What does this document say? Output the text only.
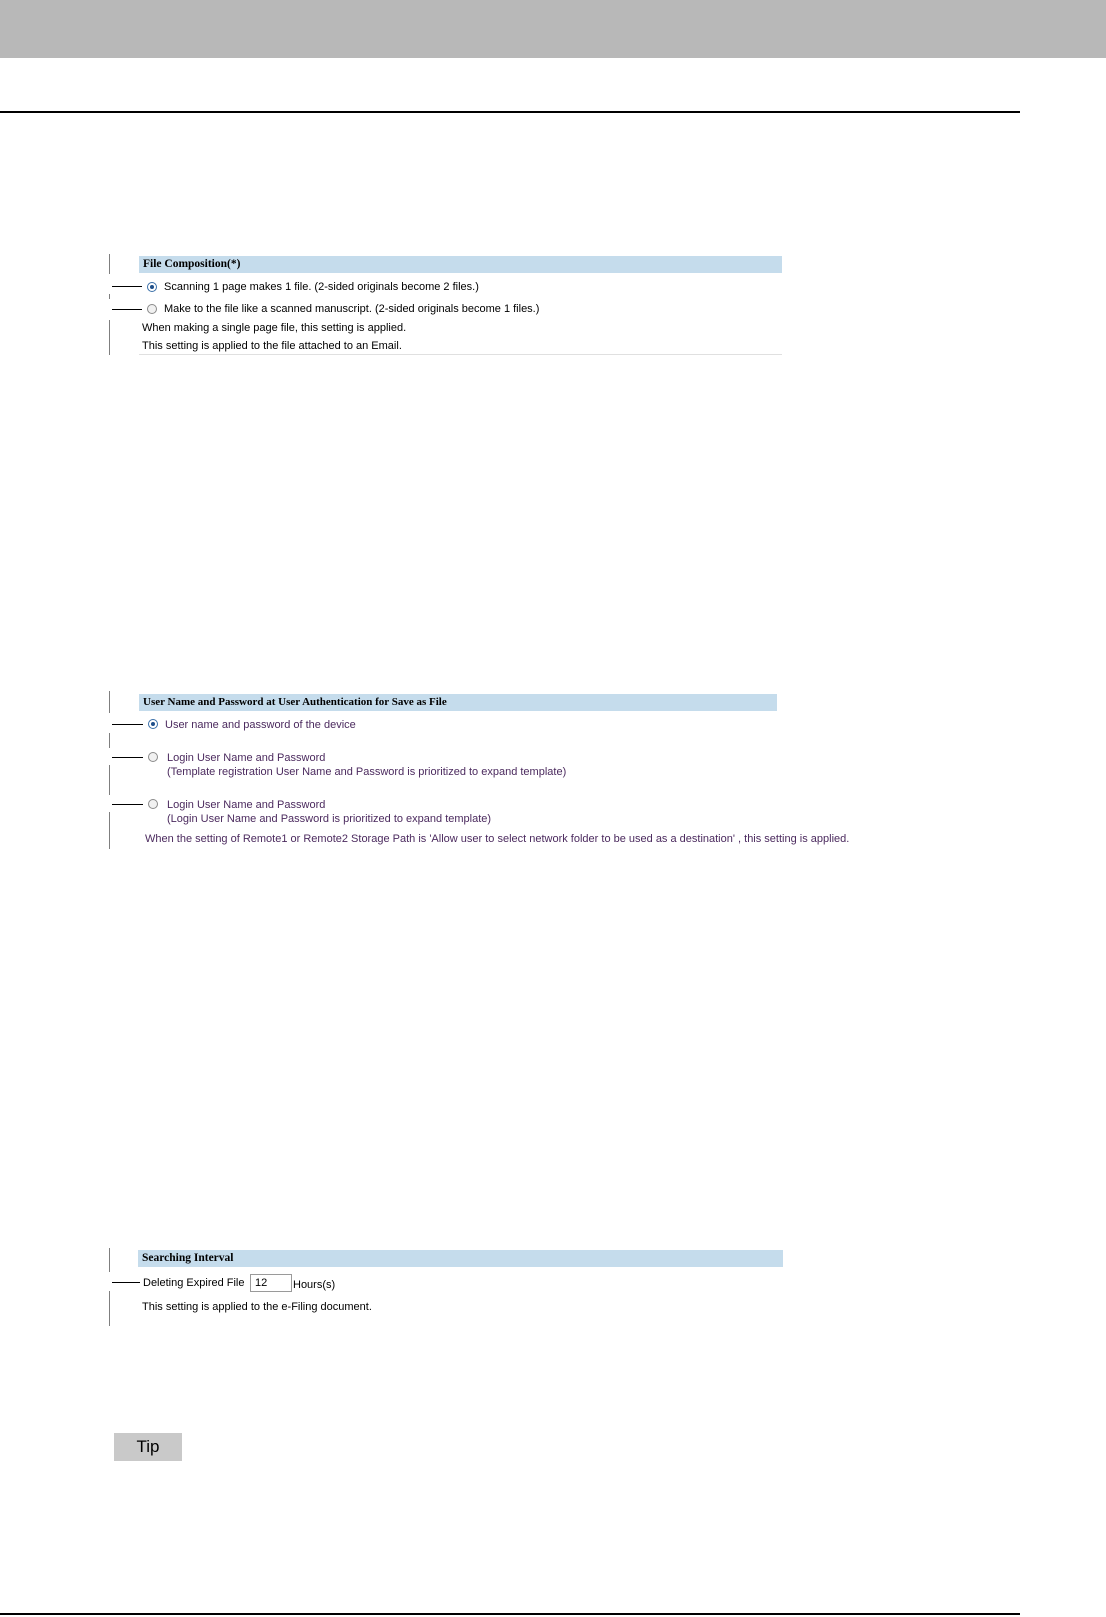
File Composition(*)
Scanning 1 page makes 1 file. (2-sided originals become 2 files.)
Make to the file like a scanned manuscript. (2-sided originals become 1 files.)
When making a single page file, this setting is applied.
This setting is applied to the file attached to an Email.
User Name and Password at User Authentication for Save as File
User name and password of the device
Login User Name and Password
(Template registration User Name and Password is prioritized to expand template)
Login User Name and Password
(Login User Name and Password is prioritized to expand template)
When the setting of Remote1 or Remote2 Storage Path is 'Allow user to select network folder to be used as a destination' , this setting is applied.
Searching Interval
Deleting Expired File 12	Hours(s)
This setting is applied to the e-Filing document.
Tip
